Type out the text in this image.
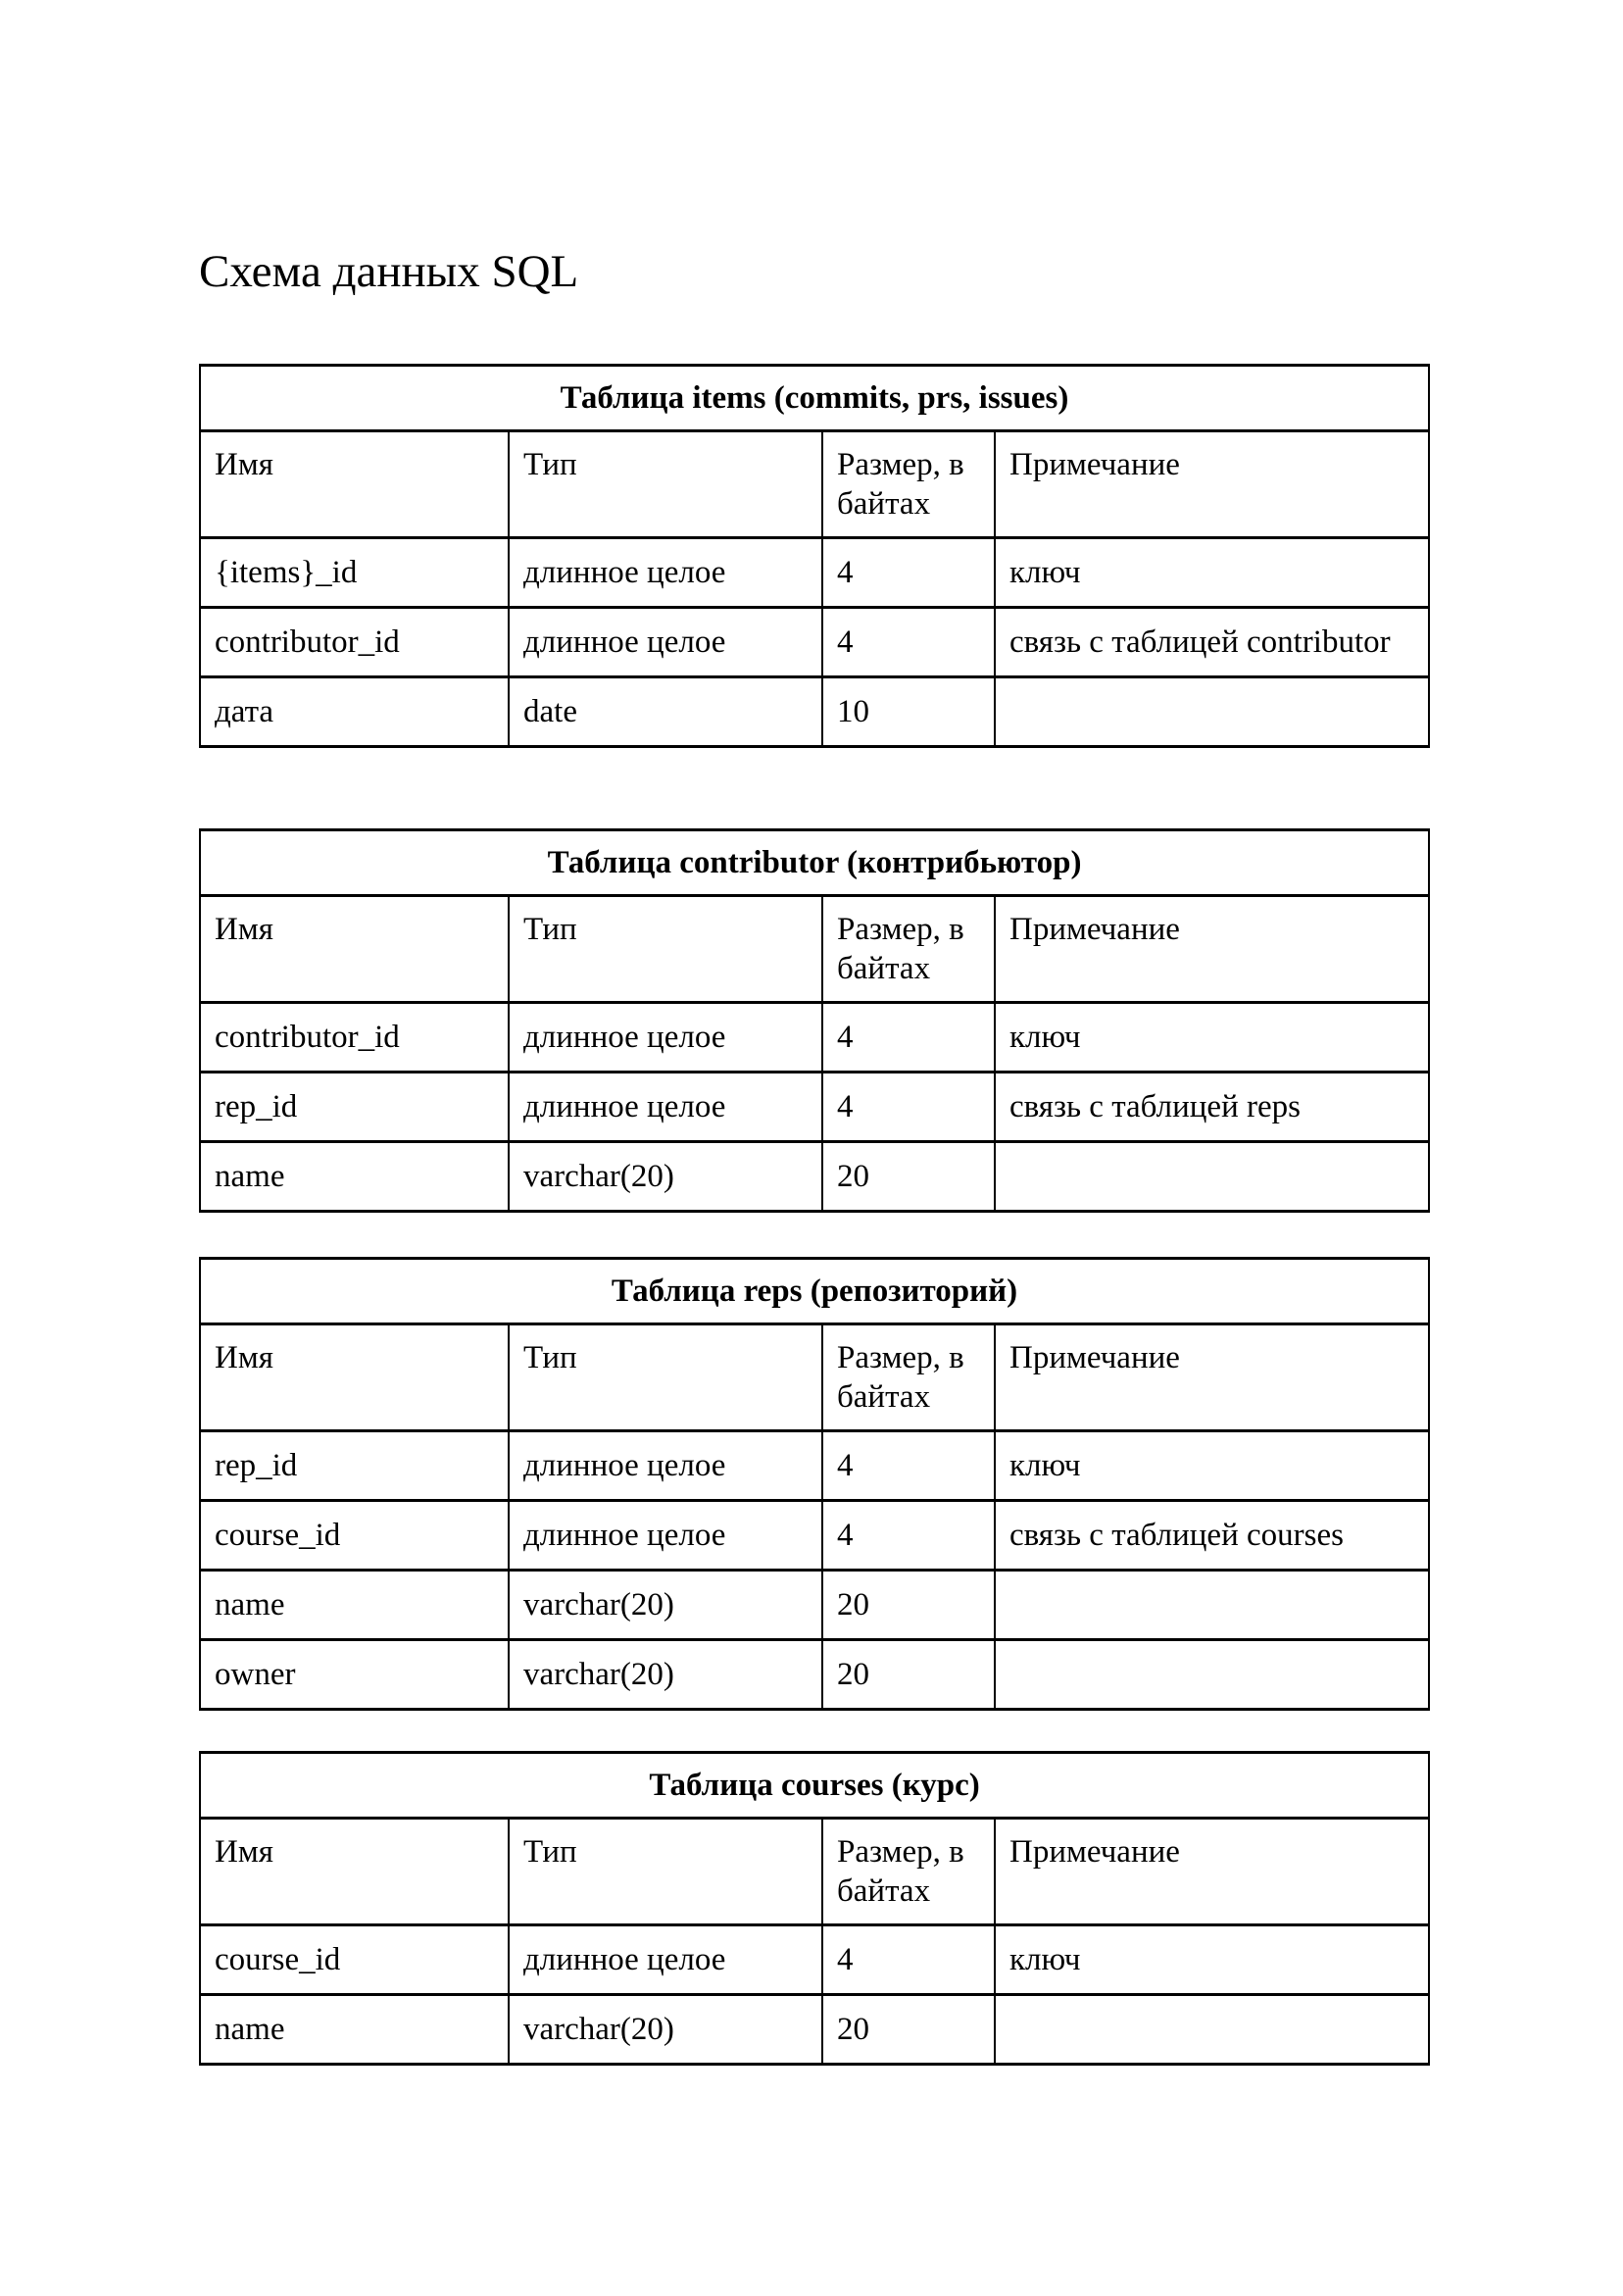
Схема данных SQL
Таблица items (commits, prs, issues)			
Имя	Тип	Размер, в байтах	Примечание
{items}_id	длинное целое	4	ключ
contributor_id	длинное целое	4	связь с таблицей contributor
дата	date	10	
Таблица contributor (контрибьютор)			
Имя	Тип	Размер, в байтах	Примечание
contributor_id	длинное целое	4	ключ
rep_id	длинное целое	4	связь с таблицей reps
name	varchar(20)	20	
Таблица reps (репозиторий)			
Имя	Тип	Размер, в байтах	Примечание
rep_id	длинное целое	4	ключ
course_id	длинное целое	4	связь с таблицей courses
name	varchar(20)	20	
owner	varchar(20)	20	
Таблица courses (курс)			
Имя	Тип	Размер, в байтах	Примечание
course_id	длинное целое	4	ключ
name	varchar(20)	20	
